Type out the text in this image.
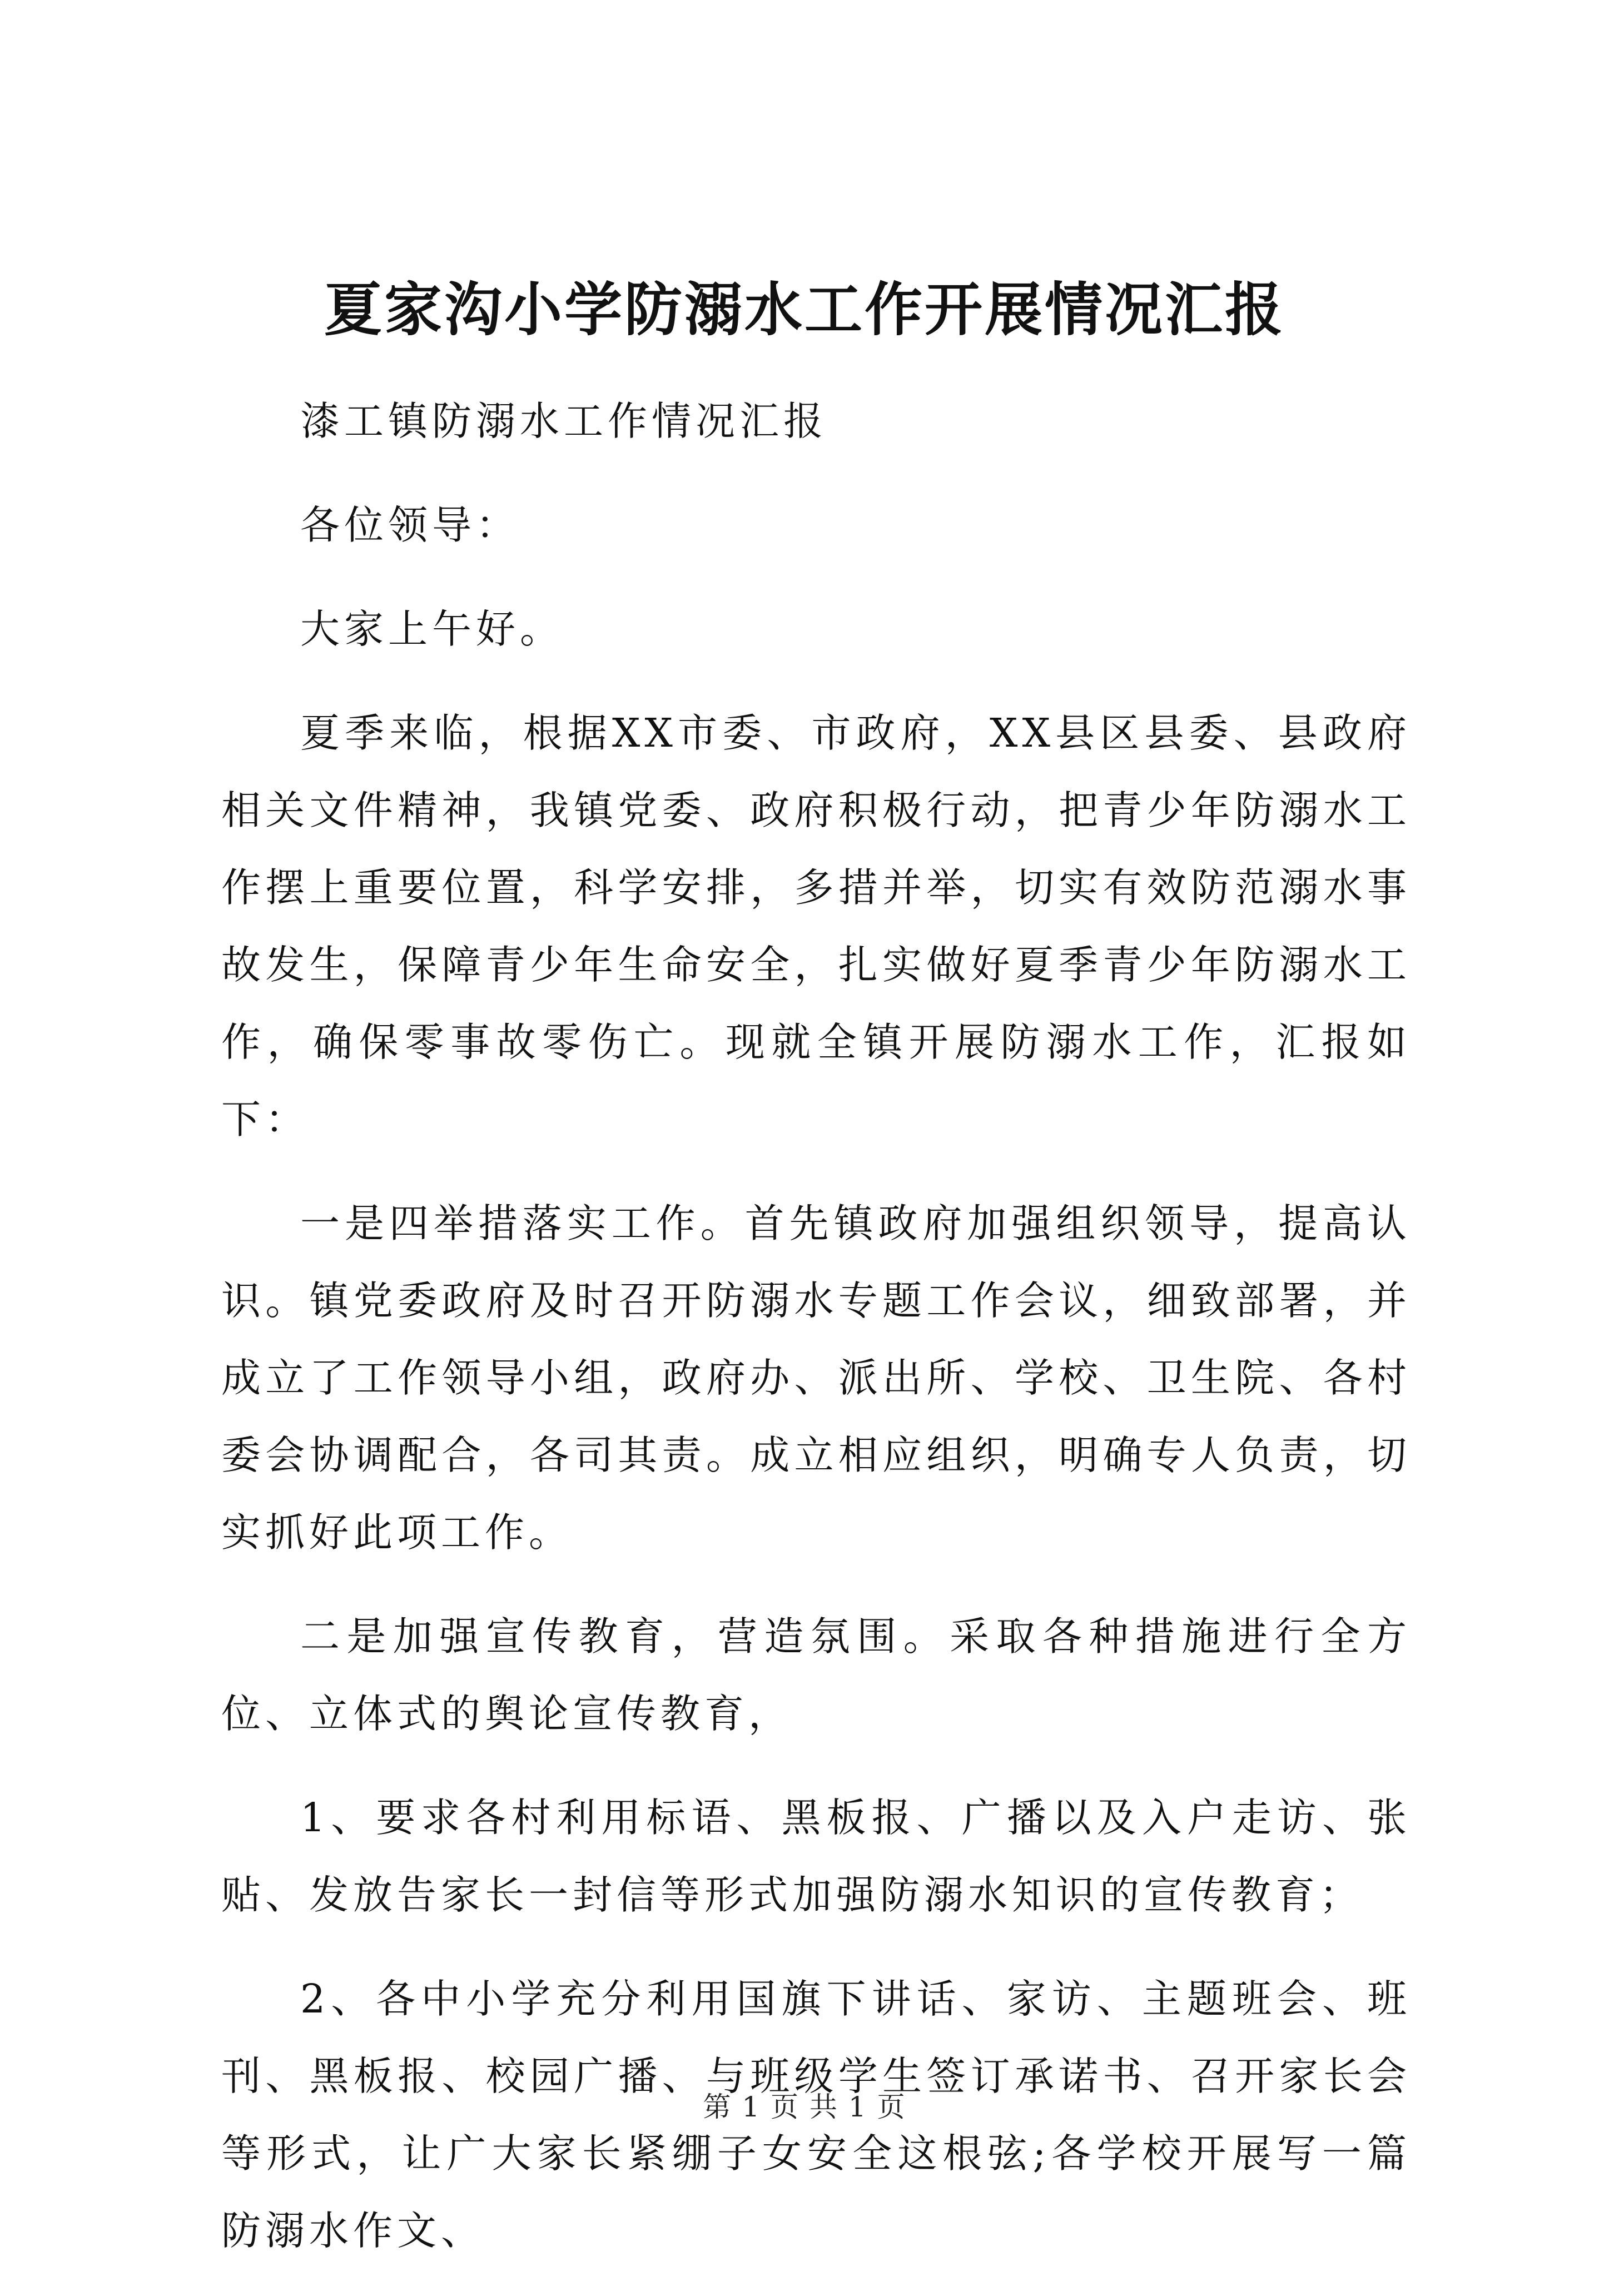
夏家沟小学防溺水工作开展情况汇报

漆工镇防溺水工作情况汇报

各位领导：

大家上午好。

夏季来临，根据XX市委、市政府，XX县区县委、县政府相关文件精神，我镇党委、政府积极行动，把青少年防溺水工作摆上重要位置，科学安排，多措并举，切实有效防范溺水事故发生，保障青少年生命安全，扎实做好夏季青少年防溺水工作，确保零事故零伤亡。现就全镇开展防溺水工作，汇报如下：

一是四举措落实工作。首先镇政府加强组织领导，提高认识。镇党委政府及时召开防溺水专题工作会议，细致部署，并成立了工作领导小组，政府办、派出所、学校、卫生院、各村委会协调配合，各司其责。成立相应组织，明确专人负责，切实抓好此项工作。

二是加强宣传教育，营造氛围。采取各种措施进行全方位、立体式的舆论宣传教育，

1、要求各村利用标语、黑板报、广播以及入户走访、张贴、发放告家长一封信等形式加强防溺水知识的宣传教育；

2、各中小学充分利用国旗下讲话、家访、主题班会、班刊、黑板报、校园广播、与班级学生签订承诺书、召开家长会等形式，让广大家长紧绷子女安全这根弦;各学校开展写一篇防溺水作文、

第 1 页 共 1 页
